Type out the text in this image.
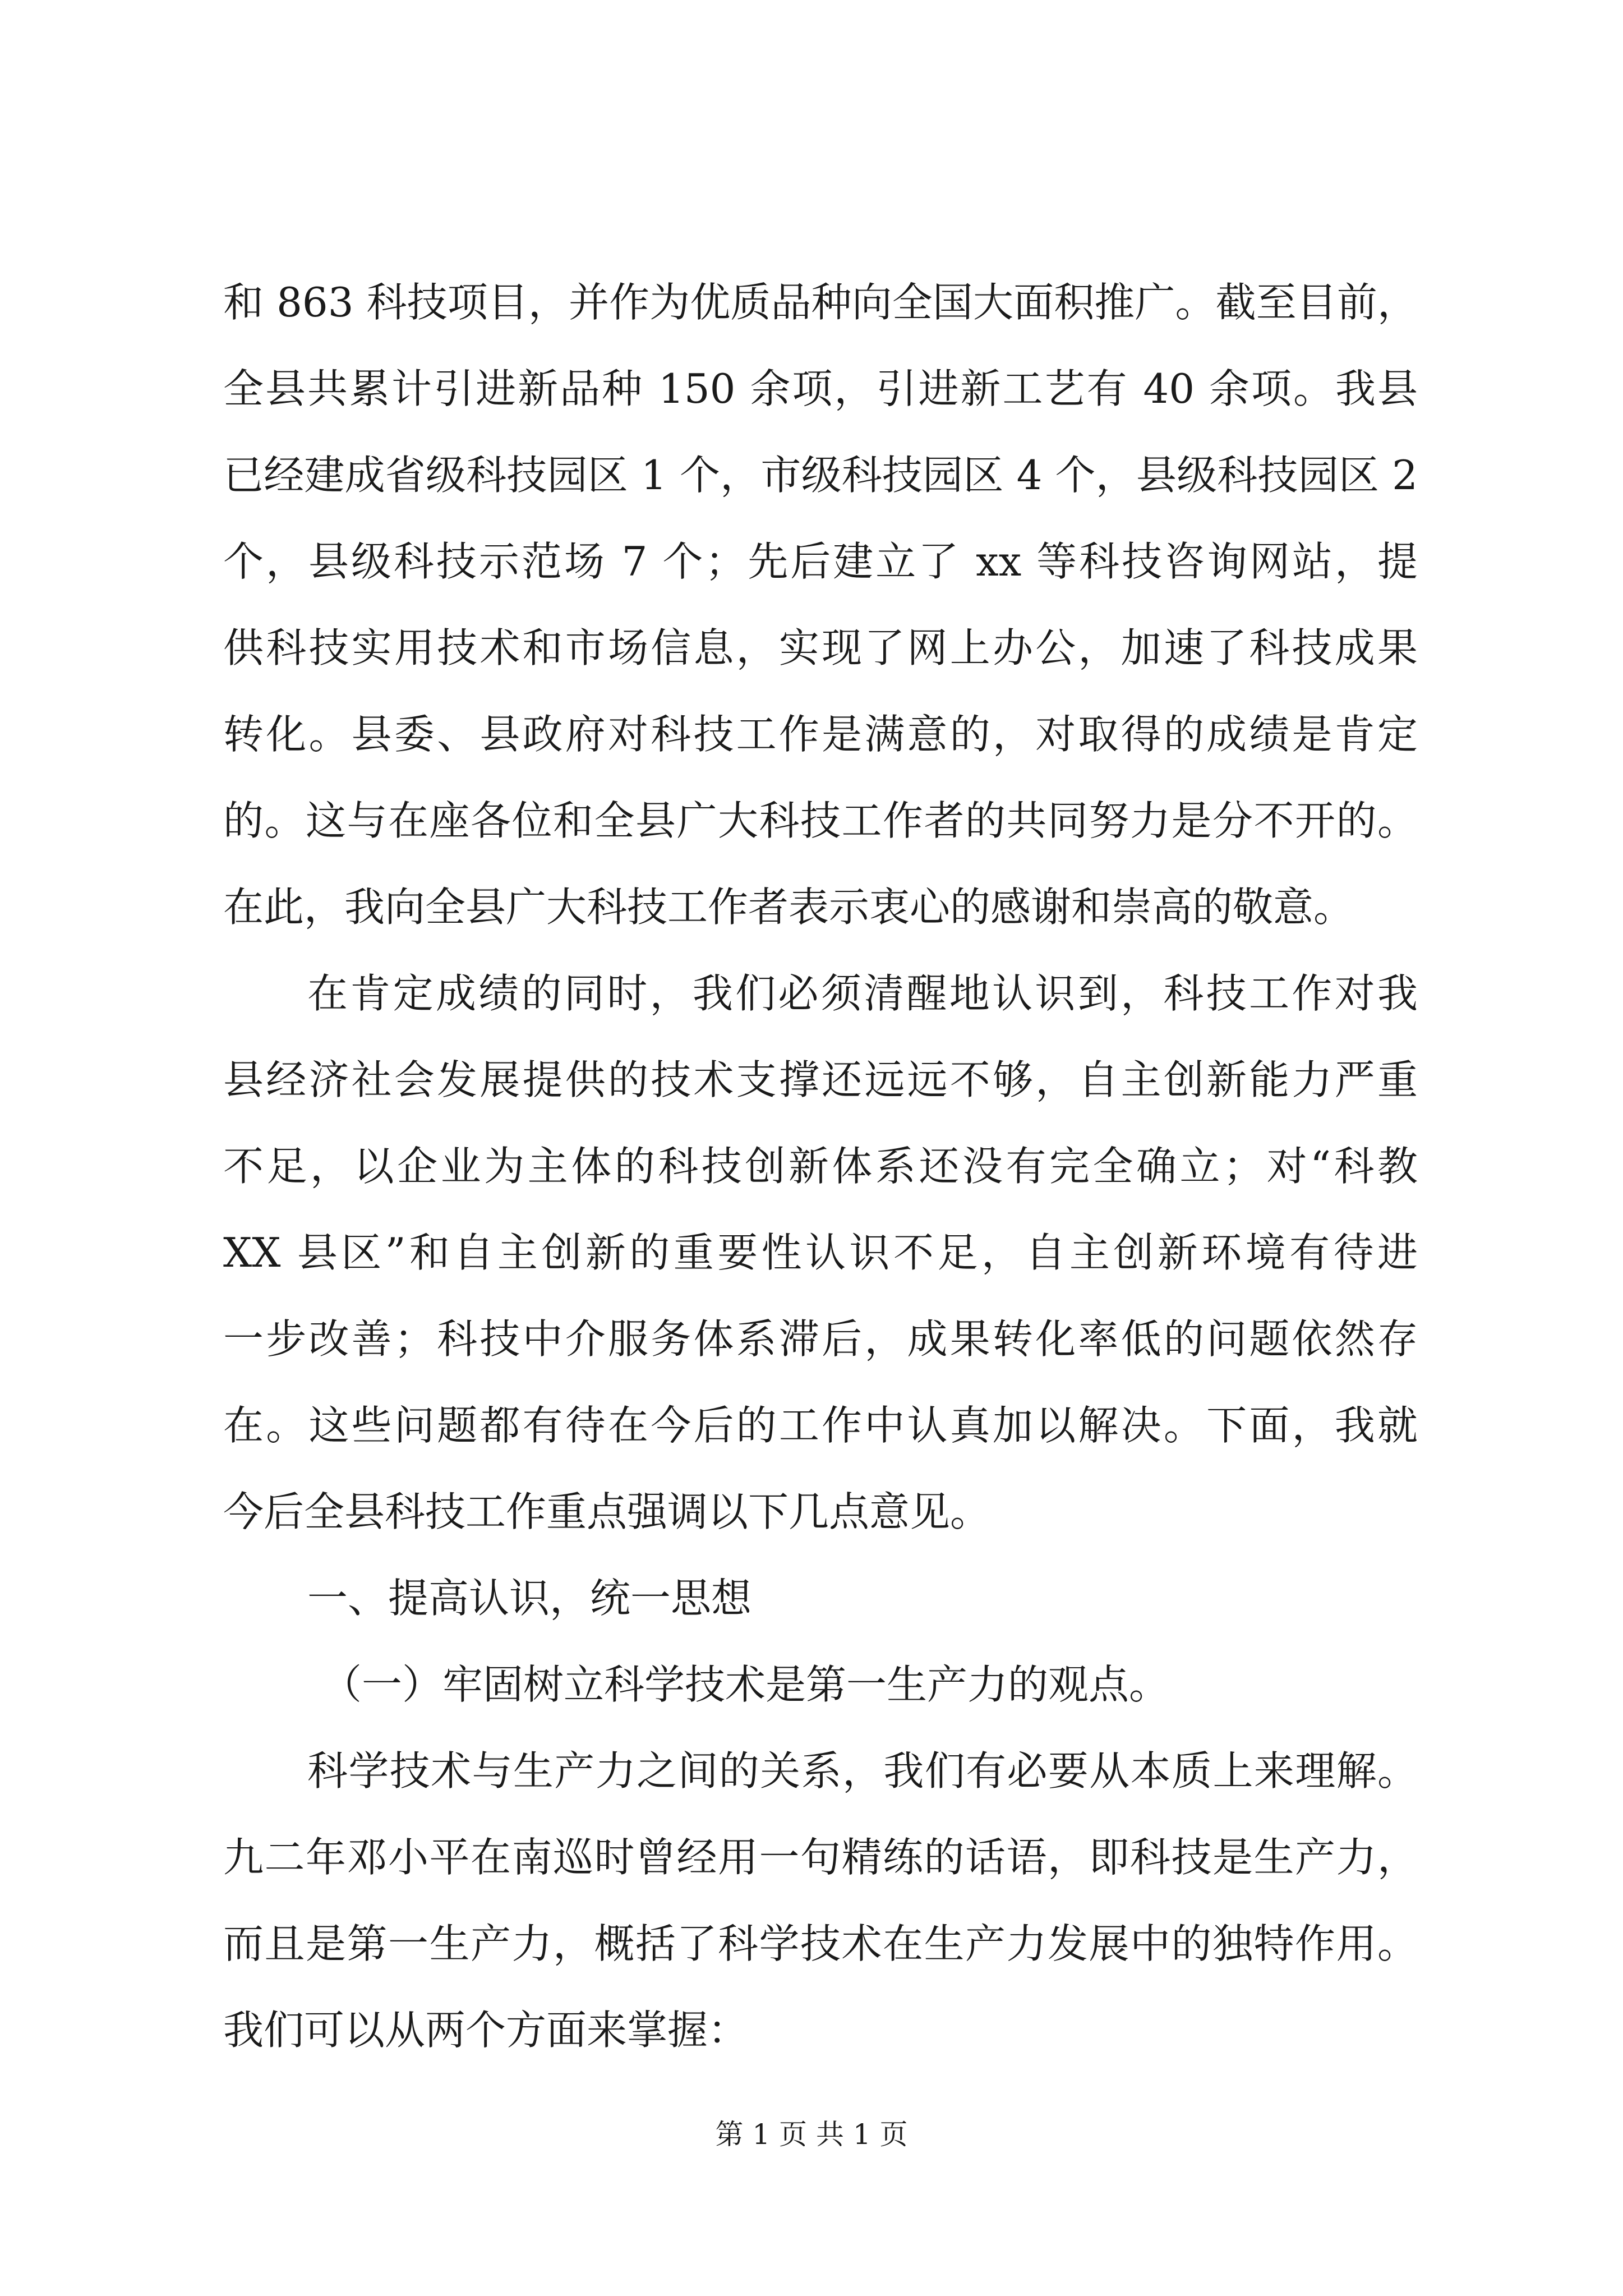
和 863 科技项目，并作为优质品种向全国大面积推广。截至目前，
全县共累计引进新品种 150 余项，引进新工艺有 40 余项。我县
已经建成省级科技园区 1 个，市级科技园区 4 个，县级科技园区 2
个，县级科技示范场 7 个；先后建立了 xx 等科技咨询网站，提
供科技实用技术和市场信息，实现了网上办公，加速了科技成果
转化。县委、县政府对科技工作是满意的，对取得的成绩是肯定
的。这与在座各位和全县广大科技工作者的共同努力是分不开的。
在此，我向全县广大科技工作者表示衷心的感谢和崇高的敬意。
在肯定成绩的同时，我们必须清醒地认识到，科技工作对我
县经济社会发展提供的技术支撑还远远不够，自主创新能力严重
不足，以企业为主体的科技创新体系还没有完全确立；对“科教
XX 县区”和自主创新的重要性认识不足，自主创新环境有待进
一步改善；科技中介服务体系滞后，成果转化率低的问题依然存
在。这些问题都有待在今后的工作中认真加以解决。下面，我就
今后全县科技工作重点强调以下几点意见。
一、提高认识，统一思想
（一）牢固树立科学技术是第一生产力的观点。
科学技术与生产力之间的关系，我们有必要从本质上来理解。
九二年邓小平在南巡时曾经用一句精练的话语，即科技是生产力，
而且是第一生产力，概括了科学技术在生产力发展中的独特作用。
我们可以从两个方面来掌握：
第 1 页 共 1 页
